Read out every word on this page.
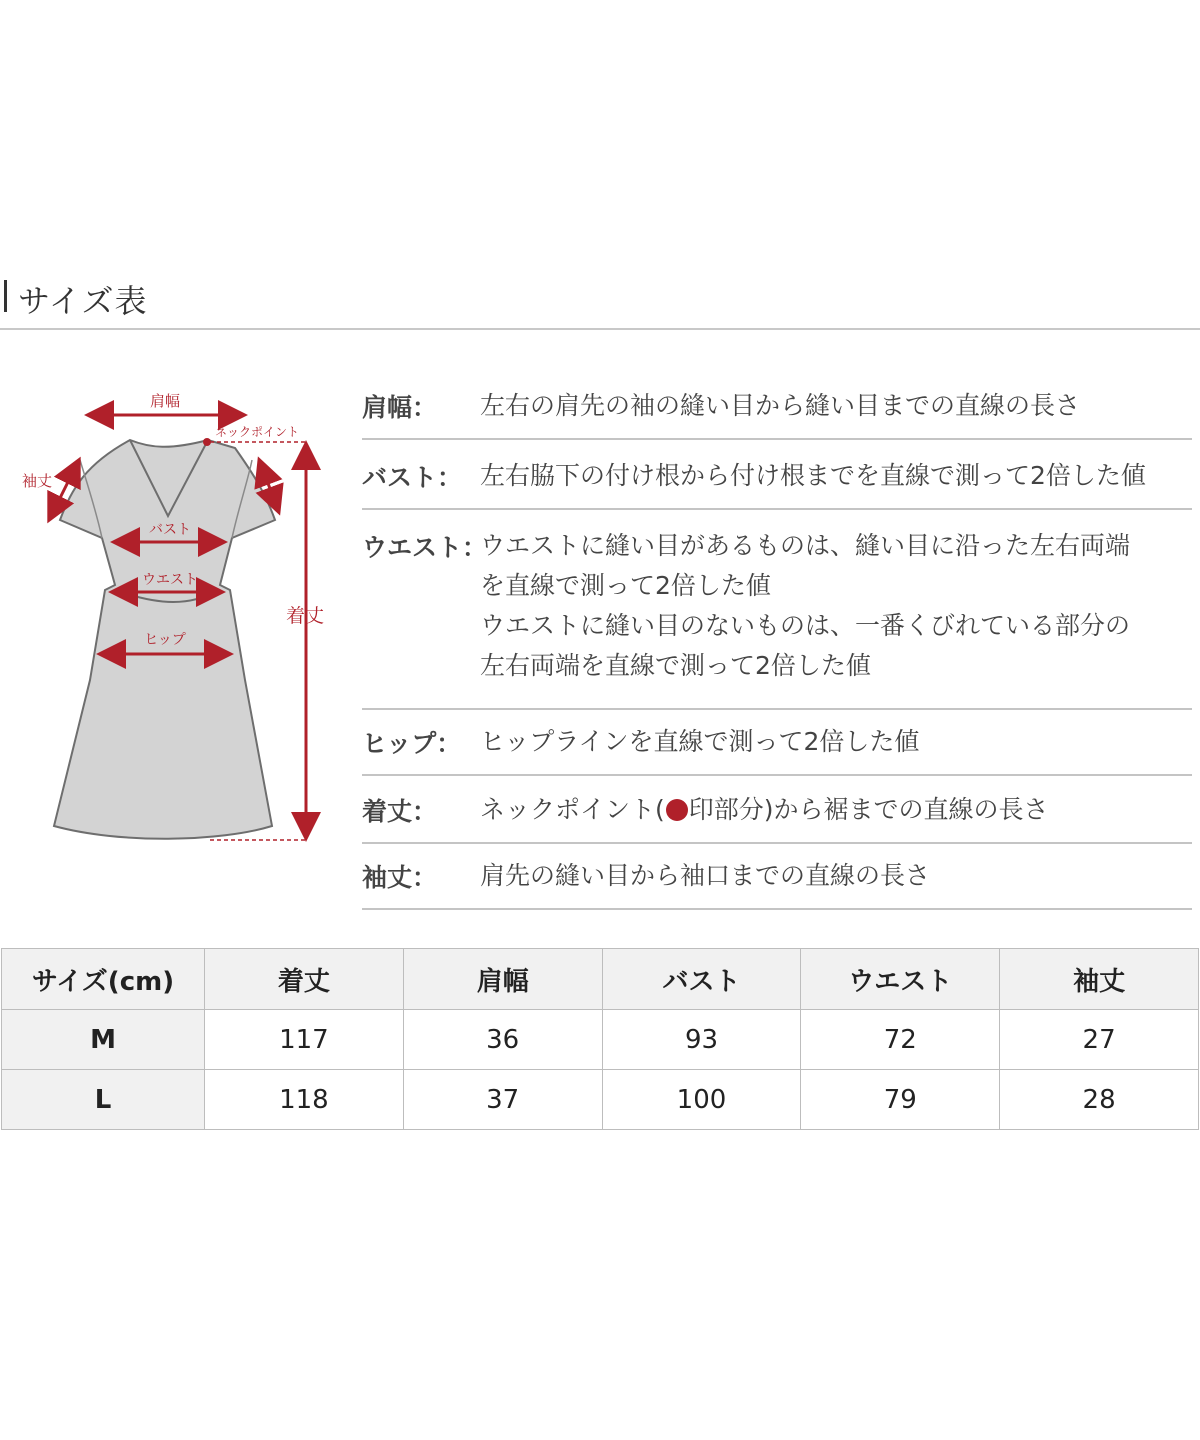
サイズ表
肩幅
ネックポイント
着丈
袖丈
バスト
ウエスト
ヒップ
肩幅： 左右の肩先の袖の縫い目から縫い目までの直線の長さ
バスト： 左右脇下の付け根から付け根までを直線で測って2倍した値
ウエスト：
ウエストに縫い目があるものは、縫い目に沿った左右両端
を直線で測って2倍した値
ウエストに縫い目のないものは、一番くびれている部分の
左右両端を直線で測って2倍した値
ヒップ： ヒップラインを直線で測って2倍した値
着丈： ネックポイント( 印部分)から裾までの直線の長さ
袖丈： 肩先の縫い目から袖口までの直線の長さ
サイズ(cm)	着丈	肩幅	バスト	ウエスト	袖丈
M	117	36	93	72	27
L	118	37	100	79	28
